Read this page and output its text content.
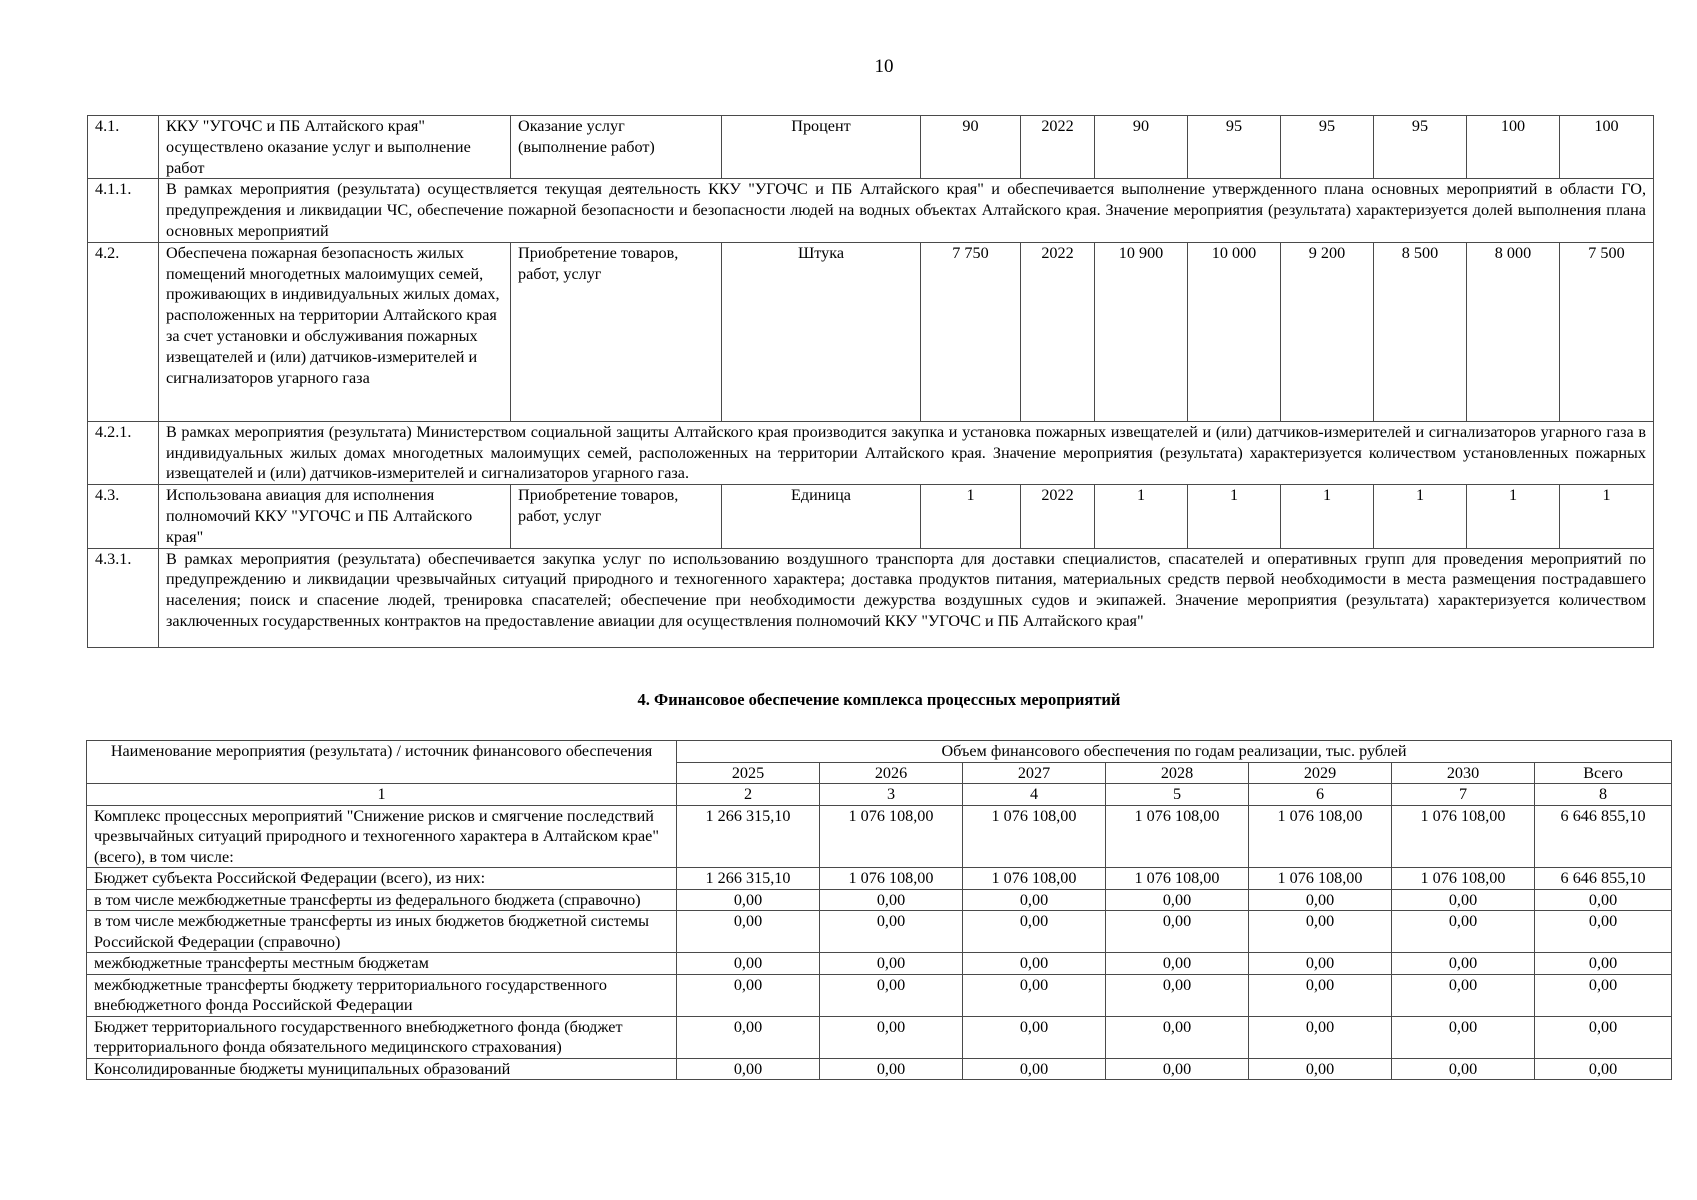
10
4.1.	ККУ "УГОЧС и ПБ Алтайского края" осуществлено оказание услуг и выполнение работ	Оказание услуг (выполнение работ)	Процент	90	2022	90	95	95	95	100	100
4.1.1.	В рамках мероприятия (результата) осуществляется текущая деятельность ККУ "УГОЧС и ПБ Алтайского края" и обеспечивается выполнение утвержденного плана основных мероприятий в области ГО, предупреждения и ликвидации ЧС, обеспечение пожарной безопасности и безопасности людей на водных объектах Алтайского края. Значение мероприятия (результата) характеризуется долей выполнения плана основных мероприятий										
4.2.	Обеспечена пожарная безопасность жилых помещений многодетных малоимущих семей, проживающих в индивидуальных жилых домах, расположенных на территории Алтайского края за счет установки и обслуживания пожарных извещателей и (или) датчиков-измерителей и сигнализаторов угарного газа	Приобретение товаров, работ, услуг	Штука	7 750	2022	10 900	10 000	9 200	8 500	8 000	7 500
4.2.1.	В рамках мероприятия (результата) Министерством социальной защиты Алтайского края производится закупка и установка пожарных извещателей и (или) датчиков-измерителей и сигнализаторов угарного газа в индивидуальных жилых домах многодетных малоимущих семей, расположенных на территории Алтайского края. Значение мероприятия (результата) характеризуется количеством установленных пожарных извещателей и (или) датчиков-измерителей и сигнализаторов угарного газа.										
4.3.	Использована авиация для исполнения полномочий ККУ "УГОЧС и ПБ Алтайского края"	Приобретение товаров, работ, услуг	Единица	1	2022	1	1	1	1	1	1
4.3.1.	В рамках мероприятия (результата) обеспечивается закупка услуг по использованию воздушного транспорта для доставки специалистов, спасателей и оперативных групп для проведения мероприятий по предупреждению и ликвидации чрезвычайных ситуаций природного и техногенного характера; доставка продуктов питания, материальных средств первой необходимости в места размещения пострадавшего населения; поиск и спасение людей, тренировка спасателей; обеспечение при необходимости дежурства воздушных судов и экипажей. Значение мероприятия (результата) характеризуется количеством заключенных государственных контрактов на предоставление авиации для осуществления полномочий ККУ "УГОЧС и ПБ Алтайского края"										
4. Финансовое обеспечение комплекса процессных мероприятий
Наименование мероприятия (результата) / источник финансового обеспечения	Объем финансового обеспечения по годам реализации, тыс. рублей						
	2025	2026	2027	2028	2029	2030	Всего
1	2	3	4	5	6	7	8
Комплекс процессных мероприятий "Снижение рисков и смягчение последствий чрезвычайных ситуаций природного и техногенного характера в Алтайском крае" (всего), в том числе:	1 266 315,10	1 076 108,00	1 076 108,00	1 076 108,00	1 076 108,00	1 076 108,00	6 646 855,10
Бюджет субъекта Российской Федерации (всего), из них:	1 266 315,10	1 076 108,00	1 076 108,00	1 076 108,00	1 076 108,00	1 076 108,00	6 646 855,10
в том числе межбюджетные трансферты из федерального бюджета (справочно)	0,00	0,00	0,00	0,00	0,00	0,00	0,00
в том числе межбюджетные трансферты из иных бюджетов бюджетной системы Российской Федерации (справочно)	0,00	0,00	0,00	0,00	0,00	0,00	0,00
межбюджетные трансферты местным бюджетам	0,00	0,00	0,00	0,00	0,00	0,00	0,00
межбюджетные трансферты бюджету территориального государственного внебюджетного фонда Российской Федерации	0,00	0,00	0,00	0,00	0,00	0,00	0,00
Бюджет территориального государственного внебюджетного фонда (бюджет территориального фонда обязательного медицинского страхования)	0,00	0,00	0,00	0,00	0,00	0,00	0,00
Консолидированные бюджеты муниципальных образований	0,00	0,00	0,00	0,00	0,00	0,00	0,00
